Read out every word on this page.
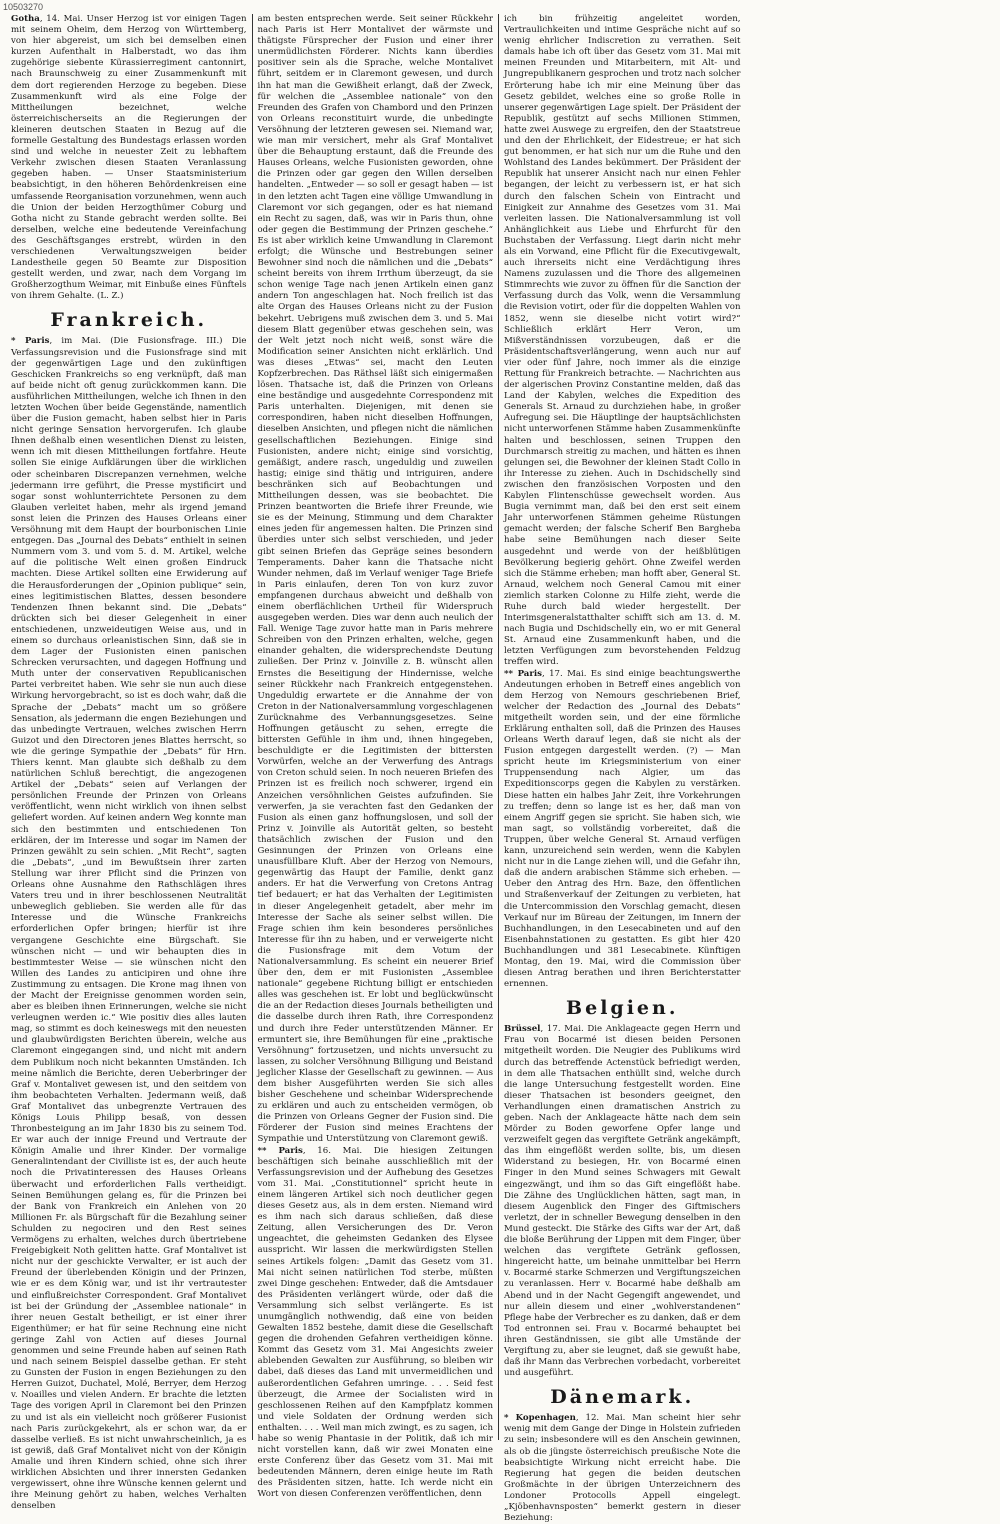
10503270

Gotha, 14. Mai. Unser Herzog ist vor einigen Tagen mit seinem Oheim, dem Herzog von Württemberg, von hier abgereist, um sich bei demselben einen kurzen Aufenthalt in Halberstadt, wo das ihm zugehörige siebente Kürassierregiment cantonnirt, nach Braunschweig zu einer Zusammenkunft mit dem dort regierenden Herzoge zu begeben. Diese Zusammenkunft wird als eine Folge der Mittheilungen bezeichnet, welche österreichischerseits an die Regierungen der kleineren deutschen Staaten in Bezug auf die formelle Gestaltung des Bundestags erlassen worden sind und welche in neuester Zeit zu lebhaftem Verkehr zwischen diesen Staaten Veranlassung gegeben haben. — Unser Staatsministerium beabsichtigt, in den höheren Behördenkreisen eine umfassende Reorganisation vorzunehmen, wenn auch die Union der beiden Herzogthümer Coburg und Gotha nicht zu Stande gebracht werden sollte. Bei derselben, welche eine bedeutende Vereinfachung des Geschäftsganges erstrebt, würden in den verschiedenen Verwaltungszweigen beider Landestheile gegen 50 Beamte zur Disposition gestellt werden, und zwar, nach dem Vorgang im Großherzogthum Weimar, mit Einbuße eines Fünftels von ihrem Gehalte. (L. Z.)

Frankreich.

* Paris, im Mai. (Die Fusionsfrage. III.) Die Verfassungsrevision und die Fusionsfrage sind mit der gegenwärtigen Lage und den zukünftigen Geschicken Frankreichs so eng verknüpft, daß man auf beide nicht oft genug zurückkommen kann. Die ausführlichen Mittheilungen, welche ich Ihnen in den letzten Wochen über beide Gegenstände, namentlich über die Fusion gemacht, haben selbst hier in Paris nicht geringe Sensation hervorgerufen. Ich glaube Ihnen deßhalb einen wesentlichen Dienst zu leisten, wenn ich mit diesen Mittheilungen fortfahre. Heute sollen Sie einige Aufklärungen über die wirklichen oder scheinbaren Discrepanzen vernehmen, welche jedermann irre geführt, die Presse mystificirt und sogar sonst wohlunterrichtete Personen zu dem Glauben verleitet haben, mehr als irgend jemand sonst leien die Prinzen des Hauses Orleans einer Versöhnung mit dem Haupt der bourbonischen Linie entgegen. Das „Journal des Debats“ enthielt in seinen Nummern vom 3. und vom 5. d. M. Artikel, welche auf die politische Welt einen großen Eindruck machten. Diese Artikel sollten eine Erwiderung auf die Herausforderungen der „Opinion publique“ sein, eines legitimistischen Blattes, dessen besondere Tendenzen Ihnen bekannt sind. Die „Debats“ drückten sich bei dieser Gelegenheit in einer entschiedenen, unzweideutigen Weise aus, und in einem so durchaus orleanistischen Sinn, daß sie in dem Lager der Fusionisten einen panischen Schrecken verursachten, und dagegen Hoffnung und Muth unter der conservativen Republicanischen Partei verbreitet haben. Wie sehr sie nun auch diese Wirkung hervorgebracht, so ist es doch wahr, daß die Sprache der „Debats“ macht um so größere Sensation, als jedermann die engen Beziehungen und das unbedingte Vertrauen, welches zwischen Herrn Guizot und den Directoren jenes Blattes herrscht, so wie die geringe Sympathie der „Debats“ für Hrn. Thiers kennt. Man glaubte sich deßhalb zu dem natürlichen Schluß berechtigt, die angezogenen Artikel der „Debats“ seien auf Verlangen der persönlichen Freunde der Prinzen von Orleans veröffentlicht, wenn nicht wirklich von ihnen selbst geliefert worden. Auf keinen andern Weg konnte man sich den bestimmten und entschiedenen Ton erklären, der im Interesse und sogar im Namen der Prinzen gewählt zu sein schien. „Mit Recht“, sagten die „Debats“, „und im Bewußtsein ihrer zarten Stellung war ihrer Pflicht sind die Prinzen von Orleans ohne Ausnahme den Rathschlägen ihres Vaters treu und in ihrer beschlossenen Neutralität unbeweglich geblieben. Sie werden alle für das Interesse und die Wünsche Frankreichs erforderlichen Opfer bringen; hierfür ist ihre vergangene Geschichte eine Bürgschaft. Sie wünschen nicht — und wir behaupten dies in bestimmtester Weise — sie wünschen nicht den Willen des Landes zu anticipiren und ohne ihre Zustimmung zu entsagen. Die Krone mag ihnen von der Macht der Ereignisse genommen worden sein, aber es bleiben ihnen Erinnerungen, welche sie nicht verleugnen werden ic.“ Wie positiv dies alles lauten mag, so stimmt es doch keineswegs mit den neuesten und glaubwürdigsten Berichten überein, welche aus Claremont eingegangen sind, und nicht mit andern dem Publikum noch nicht bekannten Umständen. Ich meine nämlich die Berichte, deren Ueberbringer der Graf v. Montalivet gewesen ist, und den seitdem von ihm beobachteten Verhalten. Jedermann weiß, daß Graf Montalivet das unbegrenzte Vertrauen des Königs Louis Philipp besaß, von dessen Thronbesteigung an im Jahr 1830 bis zu seinem Tod. Er war auch der innige Freund und Vertraute der Königin Amalie und ihrer Kinder. Der vormalige Generalintendant der Civilliste ist es, der auch heute noch die Privatinteressen des Hauses Orleans überwacht und erforderlichen Falls vertheidigt. Seinen Bemühungen gelang es, für die Prinzen bei der Bank von Frankreich ein Anlehen von 20 Millionen Fr. als Bürgschaft für die Bezahlung seiner Schulden zu negociren und den Rest seines Vermögens zu erhalten, welches durch übertriebene Freigebigkeit Noth gelitten hatte. Graf Montalivet ist nicht nur der geschickte Verwalter, er ist auch der Freund der überlebenden Königin und der Prinzen, wie er es dem König war, und ist ihr vertrautester und einflußreichster Correspondent. Graf Montalivet ist bei der Gründung der „Assemblee nationale“ in ihrer neuen Gestalt betheiligt, er ist einer ihrer Eigenthümer; er hat für seine Rechnung eine nicht geringe Zahl von Actien auf dieses Journal genommen und seine Freunde haben auf seinen Rath und nach seinem Beispiel dasselbe gethan. Er steht zu Gunsten der Fusion in engen Beziehungen zu den Herren Guizot, Duchatel, Molé, Berryer, dem Herzog v. Noailles und vielen Andern. Er brachte die letzten Tage des vorigen April in Claremont bei den Prinzen zu und ist als ein vielleicht noch größerer Fusionist nach Paris zurückgekehrt, als er schon war, da er dasselbe verließ. Es ist nicht unwahrscheinlich, ja es ist gewiß, daß Graf Montalivet nicht von der Königin Amalie und ihren Kindern schied, ohne sich ihrer wirklichen Absichten und ihrer innersten Gedanken vergewissert, ohne ihre Wünsche kennen gelernt und ihre Meinung gehört zu haben, welches Verhalten denselben

am besten entsprechen werde. Seit seiner Rückkehr nach Paris ist Herr Montalivet der wärmste und thätigste Fürsprecher der Fusion und einer ihrer unermüdlichsten Förderer. Nichts kann überdies positiver sein als die Sprache, welche Montalivet führt, seitdem er in Claremont gewesen, und durch ihn hat man die Gewißheit erlangt, daß der Zweck, für welchen die „Assemblee nationale“ von den Freunden des Grafen von Chambord und den Prinzen von Orleans reconstituirt wurde, die unbedingte Versöhnung der letzteren gewesen sei. Niemand war, wie man mir versichert, mehr als Graf Montalivet über die Behauptung erstaunt, daß die Freunde des Hauses Orleans, welche Fusionisten geworden, ohne die Prinzen oder gar gegen den Willen derselben handelten. „Entweder — so soll er gesagt haben — ist in den letzten acht Tagen eine völlige Umwandlung in Claremont vor sich gegangen, oder es hat niemand ein Recht zu sagen, daß, was wir in Paris thun, ohne oder gegen die Bestimmung der Prinzen geschehe.“ Es ist aber wirklich keine Umwandlung in Claremont erfolgt; die Wünsche und Bestrebungen seiner Bewohner sind noch die nämlichen und die „Debats“ scheint bereits von ihrem Irrthum überzeugt, da sie schon wenige Tage nach jenen Artikeln einen ganz andern Ton angeschlagen hat. Noch freilich ist das alte Organ des Hauses Orleans nicht zu der Fusion bekehrt. Uebrigens muß zwischen dem 3. und 5. Mai diesem Blatt gegenüber etwas geschehen sein, was der Welt jetzt noch nicht weiß, sonst wäre die Modification seiner Ansichten nicht erklärlich. Und was dieses „Etwas“ sei, macht den Leuten Kopfzerbrechen. Das Räthsel läßt sich einigermaßen lösen. Thatsache ist, daß die Prinzen von Orleans eine beständige und ausgedehnte Correspondenz mit Paris unterhalten. Diejenigen, mit denen sie correspondiren, haben nicht dieselben Hoffnungen, dieselben Ansichten, und pflegen nicht die nämlichen gesellschaftlichen Beziehungen. Einige sind Fusionisten, andere nicht; einige sind vorsichtig, gemäßigt, andere rasch, ungeduldig und zuweilen hastig; einige sind thätig und intriguiren, andere beschränken sich auf Beobachtungen und Mittheilungen dessen, was sie beobachtet. Die Prinzen beantworten die Briefe ihrer Freunde, wie sie es der Meinung, Stimmung und dem Charakter eines jeden für angemessen halten. Die Prinzen sind überdies unter sich selbst verschieden, und jeder gibt seinen Briefen das Gepräge seines besondern Temperaments. Daher kann die Thatsache nicht Wunder nehmen, daß im Verlauf weniger Tage Briefe in Paris einlaufen, deren Ton von kurz zuvor empfangenen durchaus abweicht und deßhalb von einem oberflächlichen Urtheil für Widerspruch ausgegeben werden. Dies war denn auch neulich der Fall. Wenige Tage zuvor hatte man in Paris mehrere Schreiben von den Prinzen erhalten, welche, gegen einander gehalten, die widersprechendste Deutung zuließen. Der Prinz v. Joinville z. B. wünscht allen Ernstes die Beseitigung der Hindernisse, welche seiner Rückkehr nach Frankreich entgegenstehen. Ungeduldig erwartete er die Annahme der von Creton in der Nationalversammlung vorgeschlagenen Zurücknahme des Verbannungsgesetzes. Seine Hoffnungen getäuscht zu sehen, erregte die bittersten Gefühle in ihm und, ihnen hingegeben, beschuldigte er die Legitimisten der bittersten Vorwürfen, welche an der Verwerfung des Antrags von Creton schuld seien. In noch neueren Briefen des Prinzen ist es freilich noch schwerer, irgend ein Anzeichen versöhnlichen Geistes aufzufinden. Sie verwerfen, ja sie verachten fast den Gedanken der Fusion als einen ganz hoffnungslosen, und soll der Prinz v. Joinville als Autorität gelten, so besteht thatsächlich zwischen der Fusion und den Gesinnungen der Prinzen von Orleans eine unausfüllbare Kluft. Aber der Herzog von Nemours, gegenwärtig das Haupt der Familie, denkt ganz anders. Er hat die Verwerfung von Cretons Antrag tief bedauert; er hat das Verhalten der Legitimisten in dieser Angelegenheit getadelt, aber mehr im Interesse der Sache als seiner selbst willen. Die Frage schien ihm kein besonderes persönliches Interesse für ihn zu haben, und er verweigerte nicht die Fusionsfrage mit dem Votum der Nationalversammlung. Es scheint ein neuerer Brief über den, dem er mit Fusionisten „Assemblee nationale“ gegebene Richtung billigt er entschieden alles was geschehen ist. Er lobt und beglückwünscht die an der Redaction dieses Journals betheiligten und die dasselbe durch ihren Rath, ihre Correspondenz und durch ihre Feder unterstützenden Männer. Er ermuntert sie, ihre Bemühungen für eine „praktische Versöhnung“ fortzusetzen, und nichts unversucht zu lassen, zu solcher Versöhnung Billigung und Beistand jeglicher Klasse der Gesellschaft zu gewinnen. — Aus dem bisher Ausgeführten werden Sie sich alles bisher Geschehene und scheinbar Widersprechende zu erklären und auch zu entscheiden vermögen, ob die Prinzen von Orleans Gegner der Fusion sind. Die Förderer der Fusion sind meines Erachtens der Sympathie und Unterstützung von Claremont gewiß.

** Paris, 16. Mai. Die hiesigen Zeitungen beschäftigen sich beinahe ausschließlich mit der Verfassungsrevision und der Aufhebung des Gesetzes vom 31. Mai. „Constitutionnel“ spricht heute in einem längeren Artikel sich noch deutlicher gegen dieses Gesetz aus, als in dem ersten. Niemand wird es ihm nach sich daraus schließen, daß diese Zeitung, allen Versicherungen des Dr. Veron ungeachtet, die geheimsten Gedanken des Elysee ausspricht. Wir lassen die merkwürdigsten Stellen seines Artikels folgen: „Damit das Gesetz vom 31. Mai nicht seinen natürlichen Tod sterbe, müßten zwei Dinge geschehen: Entweder, daß die Amtsdauer des Präsidenten verlängert würde, oder daß die Versammlung sich selbst verlängerte. Es ist unumgänglich nothwendig, daß eine von beiden Gewalten 1852 bestehe, damit diese die Gesellschaft gegen die drohenden Gefahren vertheidigen könne. Kommt das Gesetz vom 31. Mai Angesichts zweier ablebenden Gewalten zur Ausführung, so bleiben wir dabei, daß dieses das Land mit unvermeidlichen und außerordentlichen Gefahren umringe. . . . Seid fest überzeugt, die Armee der Socialisten wird in geschlossenen Reihen auf den Kampfplatz kommen und viele Soldaten der Ordnung werden sich enthalten. . . . Weil man mich zwingt, es zu sagen, ich habe so wenig Phantasie in der Politik, daß ich mir nicht vorstellen kann, daß wir zwei Monaten eine erste Conferenz über das Gesetz vom 31. Mai mit bedeutenden Männern, deren einige heute im Rath des Präsidenten sitzen, hatte. Ich werde nicht ein Wort von diesen Conferenzen veröffentlichen, denn

ich bin frühzeitig angeleitet worden, Vertraulichkeiten und intime Gespräche nicht auf so wenig ehrlicher Indiscretion zu verrathen. Seit damals habe ich oft über das Gesetz vom 31. Mai mit meinen Freunden und Mitarbeitern, mit Alt- und Jungrepublikanern gesprochen und trotz nach solcher Erörterung habe ich mir eine Meinung über das Gesetz gebildet, welches eine so große Rolle in unserer gegenwärtigen Lage spielt. Der Präsident der Republik, gestützt auf sechs Millionen Stimmen, hatte zwei Auswege zu ergreifen, den der Staatstreue und den der Ehrlichkeit, der Eidestreue; er hat sich gut benommen, er hat sich nur um die Ruhe und den Wohlstand des Landes bekümmert. Der Präsident der Republik hat unserer Ansicht nach nur einen Fehler begangen, der leicht zu verbessern ist, er hat sich durch den falschen Schein von Eintracht und Einigkeit zur Annahme des Gesetzes vom 31. Mai verleiten lassen. Die Nationalversammlung ist voll Anhänglichkeit aus Liebe und Ehrfurcht für den Buchstaben der Verfassung. Liegt darin nicht mehr als ein Vorwand, eine Pflicht für die Executivgewalt, auch ihrerseits nicht eine Verdächtigung ihres Namens zuzulassen und die Thore des allgemeinen Stimmrechts wie zuvor zu öffnen für die Sanction der Verfassung durch das Volk, wenn die Versammlung die Revision votirt, oder für die doppelten Wahlen von 1852, wenn sie dieselbe nicht votirt wird?“ Schließlich erklärt Herr Veron, um Mißverständnissen vorzubeugen, daß er die Präsidentschaftsverlängerung, wenn auch nur auf vier oder fünf Jahre, noch immer als die einzige Rettung für Frankreich betrachte. — Nachrichten aus der algerischen Provinz Constantine melden, daß das Land der Kabylen, welches die Expedition des Generals St. Arnaud zu durchziehen habe, in großer Aufregung sei. Die Häuptlinge der hauptsächlichsten nicht unterworfenen Stämme haben Zusammenkünfte halten und beschlossen, seinen Truppen den Durchmarsch streitig zu machen, und hätten es ihnen gelungen sei, die Bewohner der kleinen Stadt Collo in ihr Interesse zu ziehen. Auch in Dschidschelly sind zwischen den französischen Vorposten und den Kabylen Flintenschüsse gewechselt worden. Aus Bugia vernimmt man, daß bei den erst seit einem Jahr unterworfenen Stämmen geheime Rüstungen gemacht werden; der falsche Scherif Ben Bargheba habe seine Bemühungen nach dieser Seite ausgedehnt und werde von der heißblütigen Bevölkerung begierig gehört. Ohne Zweifel werden sich die Stämme erheben; man hofft aber, General St. Arnaud, welchem noch General Camou mit einer ziemlich starken Colonne zu Hilfe zieht, werde die Ruhe durch bald wieder hergestellt. Der Interimsgeneralstatthalter schifft sich am 13. d. M. nach Bugia und Dschidschelly ein, wo er mit General St. Arnaud eine Zusammenkunft haben, und die letzten Verfügungen zum bevorstehenden Feldzug treffen wird.

** Paris, 17. Mai. Es sind einige beachtungswerthe Andeutungen erhoben in Betreff eines angeblich von dem Herzog von Nemours geschriebenen Brief, welcher der Redaction des „Journal des Debats“ mitgetheilt worden sein, und der eine förmliche Erklärung enthalten soll, daß die Prinzen des Hauses Orleans Werth darauf legen, daß sie nicht als der Fusion entgegen dargestellt werden. (?) — Man spricht heute im Kriegsministerium von einer Truppensendung nach Algier, um das Expeditionscorps gegen die Kabylen zu verstärken. Diese hatten ein halbes Jahr Zeit, ihre Vorkehrungen zu treffen; denn so lange ist es her, daß man von einem Angriff gegen sie spricht. Sie haben sich, wie man sagt, so vollständig vorbereitet, daß die Truppen, über welche General St. Arnaud verfügen kann, unzureichend sein werden, wenn die Kabylen nicht nur in die Lange ziehen will, und die Gefahr ihn, daß die andern arabischen Stämme sich erheben. — Ueber den Antrag des Hrn. Baze, den öffentlichen und Straßenverkauf der Zeitungen zu verbieten, hat die Untercommission den Vorschlag gemacht, diesen Verkauf nur im Büreau der Zeitungen, im Innern der Buchhandlungen, in den Lesecabineten und auf den Eisenbahnstationen zu gestatten. Es gibt hier 420 Buchhandlungen und 381 Lesecabinete. Künftigen Montag, den 19. Mai, wird die Commission über diesen Antrag berathen und ihren Berichterstatter ernennen.

Belgien.

Brüssel, 17. Mai. Die Anklageacte gegen Herrn und Frau von Bocarmé ist diesen beiden Personen mitgetheilt worden. Die Neugier des Publikums wird durch das betreffende Actenstück befriedigt werden, in dem alle Thatsachen enthüllt sind, welche durch die lange Untersuchung festgestellt worden. Eine dieser Thatsachen ist besonders geeignet, den Verhandlungen einen dramatischen Anstrich zu geben. Nach der Anklageacte hätte nach dem sein Mörder zu Boden geworfene Opfer lange und verzweifelt gegen das vergiftete Getränk angekämpft, das ihm eingeflößt werden sollte, bis, um diesen Widerstand zu besiegen, Hr. von Bocarmé einen Finger in den Mund seines Schwagers mit Gewalt eingezwängt, und ihm so das Gift eingeflößt habe. Die Zähne des Unglücklichen hätten, sagt man, in diesem Augenblick den Finger des Giftmischers verletzt, der in schneller Bewegung denselben in den Mund gesteckt. Die Stärke des Gifts war der Art, daß die bloße Berührung der Lippen mit dem Finger, über welchen das vergiftete Getränk geflossen, hingereicht hatte, um beinahe unmittelbar bei Herrn v. Bocarmé starke Schmerzen und Vergiftungszeichen zu veranlassen. Herr v. Bocarmé habe deßhalb am Abend und in der Nacht Gegengift angewendet, und nur allein diesem und einer „wohlverstandenen“ Pflege habe der Verbrecher es zu danken, daß er dem Tod entronnen sei. Frau v. Bocarmé behauptet bei ihren Geständnissen, sie gibt alle Umstände der Vergiftung zu, aber sie leugnet, daß sie gewußt habe, daß ihr Mann das Verbrechen vorbedacht, vorbereitet und ausgeführt.

Dänemark.

* Kopenhagen, 12. Mai. Man scheint hier sehr wenig mit dem Gange der Dinge in Holstein zufrieden zu sein; insbesondere will es den Anschein gewinnen, als ob die jüngste österreichisch preußische Note die beabsichtigte Wirkung nicht erreicht habe. Die Regierung hat gegen die beiden deutschen Großmächte in der übrigen Unterzeichnern des Londoner Protocolls Appell eingelegt. „Kjöbenhavnsposten“ bemerkt gestern in dieser Beziehung:
